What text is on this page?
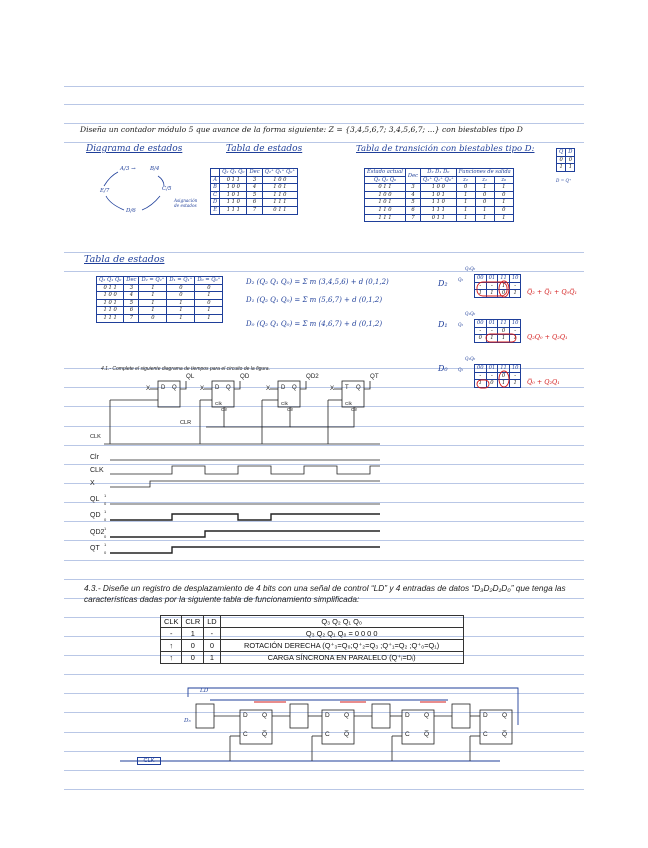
Diseña un contador módulo 5 que avance de la forma siguiente: Z = {3,4,5,6,7; 3,4,5,6,7; ...} con biestables tipo D
Diagrama de estados
A/3 →	B/4
C/5
D/6
E/7
Asignación de estados
Tabla de estados
	Q₂ Q₁ Q₀	Dec	Q₂⁺ Q₁⁺ Q₀⁺
A	0 1 1	3	1 0 0
B	1 0 0	4	1 0 1
C	1 0 1	5	1 1 0
D	1 1 0	6	1 1 1
E	1 1 1	7	0 1 1
Tabla de transición con biestables tipo D:
Estado actual	Dec	D₂ D₁ D₀	Funciones de salida		
Q₂ Q₁ Q₀		Q₂⁺ Q₁⁺ Q₀⁺	z₂	z₁	z₀
0 1 1	3	1 0 0	0	1	1
1 0 0	4	1 0 1	1	0	0
1 0 1	5	1 1 0	1	0	1
1 1 0	6	1 1 1	1	1	0
1 1 1	7	0 1 1	1	1	1
Q	D
0	0
1	1
D = Q⁺
Tabla de estados
Q₂ Q₁ Q₀	Dec	D₂ = Q₂⁺	D₁ = Q₁⁺	D₀ = Q₀⁺
0 1 1	3	1	0	0
1 0 0	4	1	0	1
1 0 1	5	1	1	0
1 1 0	6	1	1	1
1 1 1	7	0	1	1
D₂ (Q₂ Q₁ Q₀) = Σ m (3,4,5,6) + d (0,1,2)
D₁ (Q₂ Q₁ Q₀) = Σ m (5,6,7) + d (0,1,2)
D₀ (Q₂ Q₁ Q₀) = Σ m (4,6,7) + d (0,1,2)
D₂
D₁
D₀
Q₁Q₀
Q₁Q₀
Q₁Q₀
Q₂
Q₂
Q₂
00	01	11	10
-	-	1	-
1	1	0	1 Q̅₂ + Q̅₁ + Q₀Q̅₁
00	01	11	10
-	-	0	-
0	1	1	1 Q₂Q₀ + Q₂Q₁
00	01	11	10
-	-	0	-
1	0	1	1 Q̅₀ + Q₂Q₁
4.1.- Complete el siguiente diagrama de tiempos para el circuito de la figura.
X	X	X	X
D Q	D Q	D Q	T Q
QL	QD	QD2	QT
Clk
Clr
Clk
Clr
Clk
Clr
CLR
CLK
Clr
CLK
X
QL
QD
QD2
QT
1
0
1
0
1
0
1
0
4.3.- Diseñe un registro de desplazamiento de 4 bits con una señal de control “LD” y 4 entradas de datos “D₃D₂D₁D₀” que tenga las características dadas por la siguiente tabla de funcionamiento simplificada:
CLK	CLR	LD	Q₃ Q₂ Q₁ Q₀
-	1	-	Q₃ Q₂ Q₁ Q₀ = 0 0 0 0
↑	0	0	ROTACIÓN DERECHA (Q⁺₃=Q₀;Q⁺₂=Q₃ ;Q⁺₁=Q₂ ;Q⁺₀=Q₁)
↑	0	1	CARGA SÍNCRONA EN PARALELO (Q⁺ᵢ=Dᵢ)
LD
D₃
CLK
D Q
C Q̅
D Q
C Q̅
D Q
C Q̅
D Q
C Q̅
